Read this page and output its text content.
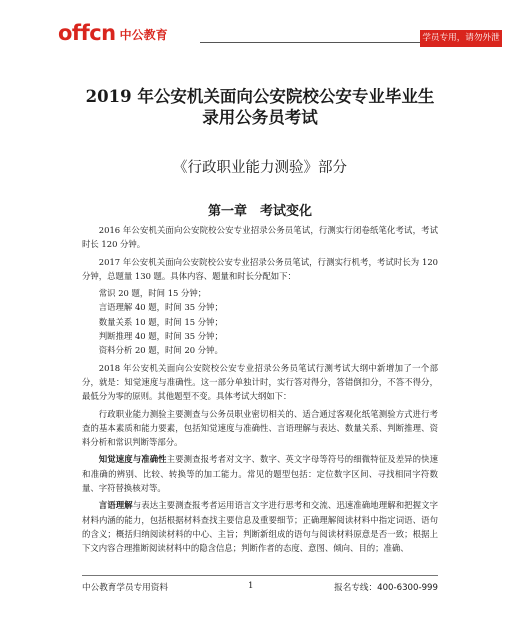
offcn 中公教育	学员专用，请勿外泄
2019 年公安机关面向公安院校公安专业毕业生
录用公务员考试
《行政职业能力测验》部分
第一章　考试变化

2016 年公安机关面向公安院校公安专业招录公务员笔试，行测实行闭卷纸笔化考试，考试时长 120 分钟。

2017 年公安机关面向公安院校公安专业招录公务员笔试，行测实行机考，考试时长为 120 分钟，总题量 130 题。具体内容、题量和时长分配如下：

常识 20 题，时间 15 分钟；

言语理解 40 题，时间 35 分钟；

数量关系 10 题，时间 15 分钟；

判断推理 40 题，时间 35 分钟；

资料分析 20 题，时间 20 分钟。

2018 年公安机关面向公安院校公安专业招录公务员笔试行测考试大纲中新增加了一个部分，就是：知觉速度与准确性。这一部分单独计时，实行答对得分，答错倒扣分，不答不得分，最低分为零的原则。其他题型不变。具体考试大纲如下：

行政职业能力测验主要测查与公务员职业密切相关的、适合通过客观化纸笔测验方式进行考查的基本素质和能力要素，包括知觉速度与准确性、言语理解与表达、数量关系、判断推理、资料分析和常识判断等部分。

知觉速度与准确性主要测查报考者对文字、数字、英文字母等符号的细微特征及差异的快速和准确的辨别、比较、转换等的加工能力。常见的题型包括：定位数字区间、寻找相同字符数量、字符替换核对等。

言语理解与表达主要测查报考者运用语言文字进行思考和交流、迅速准确地理解和把握文字材料内涵的能力，包括根据材料查找主要信息及重要细节；正确理解阅读材料中指定词语、语句的含义；概括归纳阅读材料的中心、主旨；判断新组成的语句与阅读材料原意是否一致；根据上下文内容合理推断阅读材料中的隐含信息；判断作者的态度、意图、倾向、目的；准确、

中公教育学员专用资料	1	报名专线：400-6300-999
